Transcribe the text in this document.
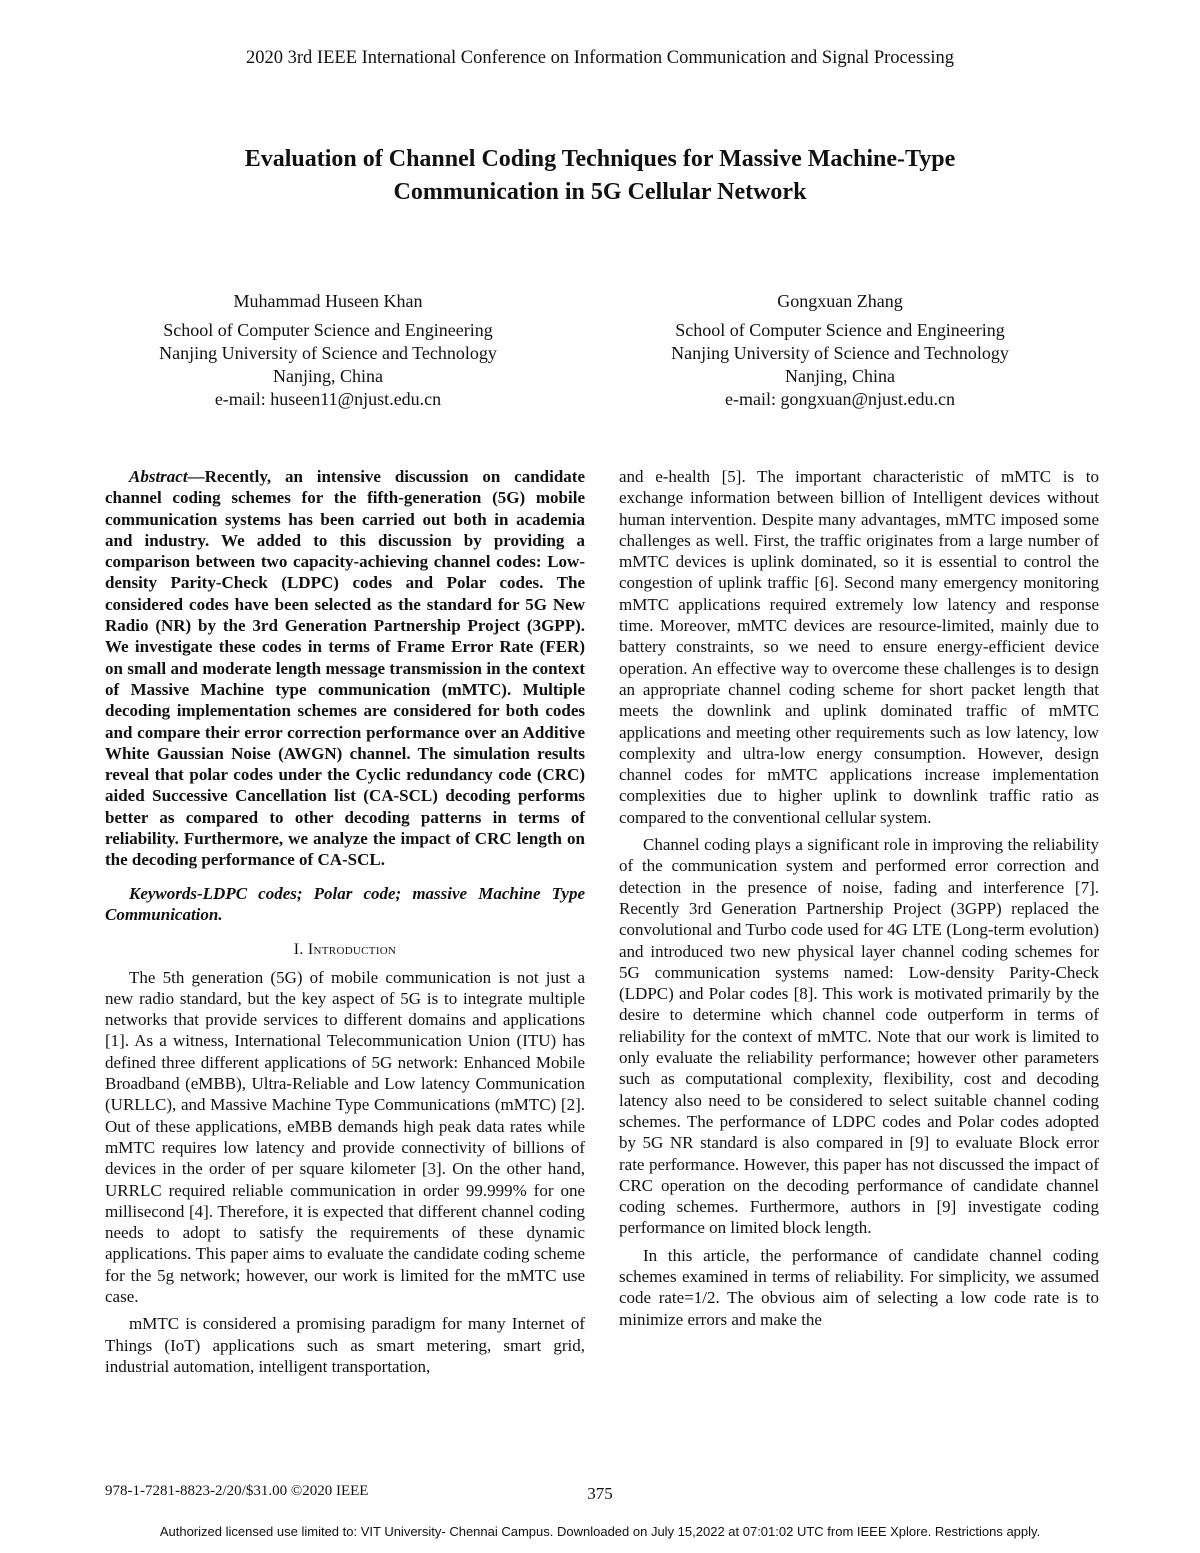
2020 3rd IEEE International Conference on Information Communication and Signal Processing
Evaluation of Channel Coding Techniques for Massive Machine-Type
Communication in 5G Cellular Network
Muhammad Huseen Khan
School of Computer Science and Engineering
Nanjing University of Science and Technology
Nanjing, China
e-mail: huseen11@njust.edu.cn
Gongxuan Zhang
School of Computer Science and Engineering
Nanjing University of Science and Technology
Nanjing, China
e-mail: gongxuan@njust.edu.cn

Abstract—Recently, an intensive discussion on candidate channel coding schemes for the fifth-generation (5G) mobile communication systems has been carried out both in academia and industry. We added to this discussion by providing a comparison between two capacity-achieving channel codes: Low-density Parity-Check (LDPC) codes and Polar codes. The considered codes have been selected as the standard for 5G New Radio (NR) by the 3rd Generation Partnership Project (3GPP). We investigate these codes in terms of Frame Error Rate (FER) on small and moderate length message transmission in the context of Massive Machine type communication (mMTC). Multiple decoding implementation schemes are considered for both codes and compare their error correction performance over an Additive White Gaussian Noise (AWGN) channel. The simulation results reveal that polar codes under the Cyclic redundancy code (CRC) aided Successive Cancellation list (CA-SCL) decoding performs better as compared to other decoding patterns in terms of reliability. Furthermore, we analyze the impact of CRC length on the decoding performance of CA-SCL.

Keywords-LDPC codes; Polar code; massive Machine Type Communication.

I. Introduction

The 5th generation (5G) of mobile communication is not just a new radio standard, but the key aspect of 5G is to integrate multiple networks that provide services to different domains and applications [1]. As a witness, International Telecommunication Union (ITU) has defined three different applications of 5G network: Enhanced Mobile Broadband (eMBB), Ultra-Reliable and Low latency Communication (URLLC), and Massive Machine Type Communications (mMTC) [2]. Out of these applications, eMBB demands high peak data rates while mMTC requires low latency and provide connectivity of billions of devices in the order of per square kilometer [3]. On the other hand, URRLC required reliable communication in order 99.999% for one millisecond [4]. Therefore, it is expected that different channel coding needs to adopt to satisfy the requirements of these dynamic applications. This paper aims to evaluate the candidate coding scheme for the 5g network; however, our work is limited for the mMTC use case.

mMTC is considered a promising paradigm for many Internet of Things (IoT) applications such as smart metering, smart grid, industrial automation, intelligent transportation,

and e-health [5]. The important characteristic of mMTC is to exchange information between billion of Intelligent devices without human intervention. Despite many advantages, mMTC imposed some challenges as well. First, the traffic originates from a large number of mMTC devices is uplink dominated, so it is essential to control the congestion of uplink traffic [6]. Second many emergency monitoring mMTC applications required extremely low latency and response time. Moreover, mMTC devices are resource-limited, mainly due to battery constraints, so we need to ensure energy-efficient device operation. An effective way to overcome these challenges is to design an appropriate channel coding scheme for short packet length that meets the downlink and uplink dominated traffic of mMTC applications and meeting other requirements such as low latency, low complexity and ultra-low energy consumption. However, design channel codes for mMTC applications increase implementation complexities due to higher uplink to downlink traffic ratio as compared to the conventional cellular system.

Channel coding plays a significant role in improving the reliability of the communication system and performed error correction and detection in the presence of noise, fading and interference [7]. Recently 3rd Generation Partnership Project (3GPP) replaced the convolutional and Turbo code used for 4G LTE (Long-term evolution) and introduced two new physical layer channel coding schemes for 5G communication systems named: Low-density Parity-Check (LDPC) and Polar codes [8]. This work is motivated primarily by the desire to determine which channel code outperform in terms of reliability for the context of mMTC. Note that our work is limited to only evaluate the reliability performance; however other parameters such as computational complexity, flexibility, cost and decoding latency also need to be considered to select suitable channel coding schemes. The performance of LDPC codes and Polar codes adopted by 5G NR standard is also compared in [9] to evaluate Block error rate performance. However, this paper has not discussed the impact of CRC operation on the decoding performance of candidate channel coding schemes. Furthermore, authors in [9] investigate coding performance on limited block length.

In this article, the performance of candidate channel coding schemes examined in terms of reliability. For simplicity, we assumed code rate=1/2. The obvious aim of selecting a low code rate is to minimize errors and make the

978-1-7281-8823-2/20/$31.00 ©2020 IEEE	375
Authorized licensed use limited to: VIT University- Chennai Campus. Downloaded on July 15,2022 at 07:01:02 UTC from IEEE Xplore. Restrictions apply.
